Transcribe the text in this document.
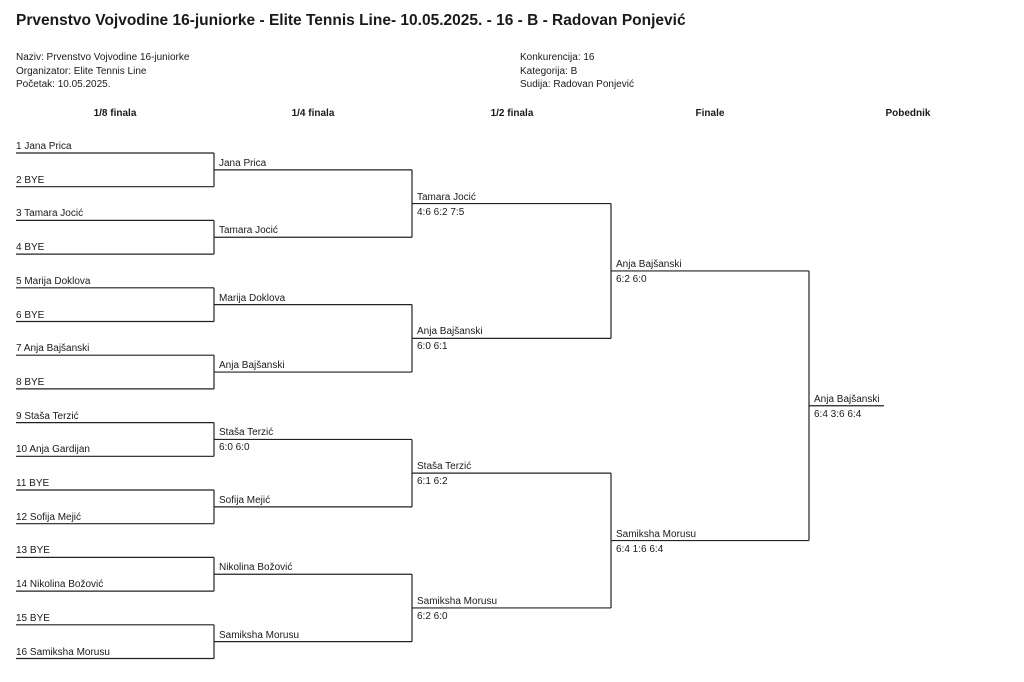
Prvenstvo Vojvodine 16-juniorke - Elite Tennis Line- 10.05.2025. - 16 - B - Radovan Ponjević
Naziv: Prvenstvo Vojvodine 16-juniorke
Organizator: Elite Tennis Line
Početak: 10.05.2025.
Konkurencija: 16
Kategorija: B
Sudija: Radovan Ponjević
1/8 finala	1/4 finala	1/2 finala	Finale	Pobednik
1 Jana Prica
2 BYE
3 Tamara Jocić
4 BYE
5 Marija Doklova
6 BYE
7 Anja Bajšanski
8 BYE
9 Staša Terzić
10 Anja Gardijan
11 BYE
12 Sofija Mejić
13 BYE
14 Nikolina Božović
15 BYE
16 Samiksha Morusu
Jana Prica
Tamara Jocić
Marija Doklova
Anja Bajšanski
Staša Terzić
6:0 6:0
Sofija Mejić
Nikolina Božović
Samiksha Morusu
Tamara Jocić
4:6 6:2 7:5
Anja Bajšanski
6:0 6:1
Staša Terzić
6:1 6:2
Samiksha Morusu
6:2 6:0
Anja Bajšanski
6:2 6:0
Samiksha Morusu
6:4 1:6 6:4
Anja Bajšanski
6:4 3:6 6:4
